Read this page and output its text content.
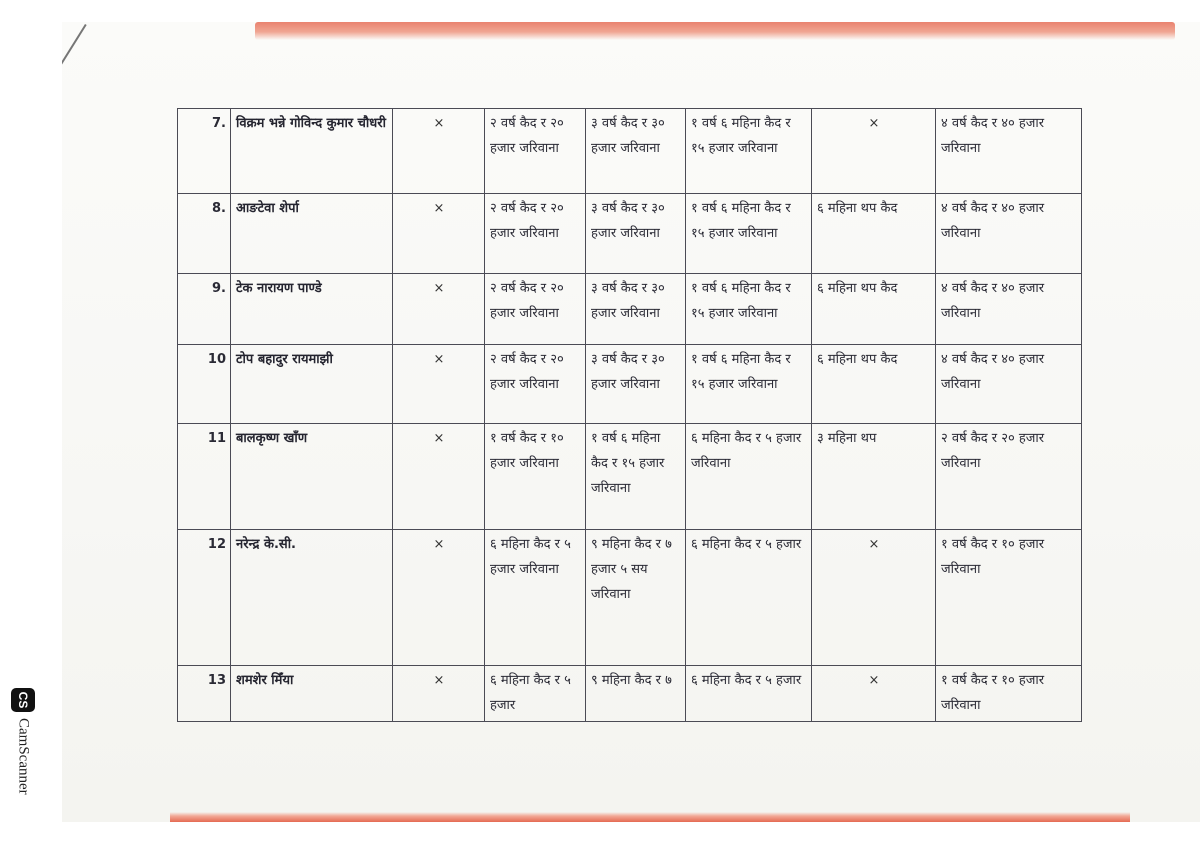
CS
CamScanner
7.	विक्रम भन्ने गोविन्द कुमार चौधरी	×	२ वर्ष कैद र २० हजार जरिवाना	३ वर्ष कैद र ३० हजार जरिवाना	१ वर्ष ६ महिना कैद र १५ हजार जरिवाना	×	४ वर्ष कैद र ४० हजार जरिवाना
8.	आङटेवा शेर्पा	×	२ वर्ष कैद र २० हजार जरिवाना	३ वर्ष कैद र ३० हजार जरिवाना	१ वर्ष ६ महिना कैद र १५ हजार जरिवाना	६ महिना थप कैद	४ वर्ष कैद र ४० हजार जरिवाना
9.	टेक नारायण पाण्डे	×	२ वर्ष कैद र २० हजार जरिवाना	३ वर्ष कैद र ३० हजार जरिवाना	१ वर्ष ६ महिना कैद र १५ हजार जरिवाना	६ महिना थप कैद	४ वर्ष कैद र ४० हजार जरिवाना
10	टोप बहादुर रायमाझी	×	२ वर्ष कैद र २० हजार जरिवाना	३ वर्ष कैद र ३० हजार जरिवाना	१ वर्ष ६ महिना कैद र १५ हजार जरिवाना	६ महिना थप कैद	४ वर्ष कैद र ४० हजार जरिवाना
11	बालकृष्ण खाँण	×	१ वर्ष कैद र १० हजार जरिवाना	१ वर्ष ६ महिना कैद र १५ हजार जरिवाना	६ महिना कैद र ५ हजार जरिवाना	३ महिना थप	२ वर्ष कैद र २० हजार जरिवाना
12	नरेन्द्र के.सी.	×	६ महिना कैद र ५ हजार जरिवाना	९ महिना कैद र ७ हजार ५ सय जरिवाना	६ महिना कैद र ५ हजार	×	१ वर्ष कैद र १० हजार जरिवाना
13	शमशेर मिँया	×	६ महिना कैद र ५ हजार	९ महिना कैद र ७	६ महिना कैद र ५ हजार	×	१ वर्ष कैद र १० हजार जरिवाना
